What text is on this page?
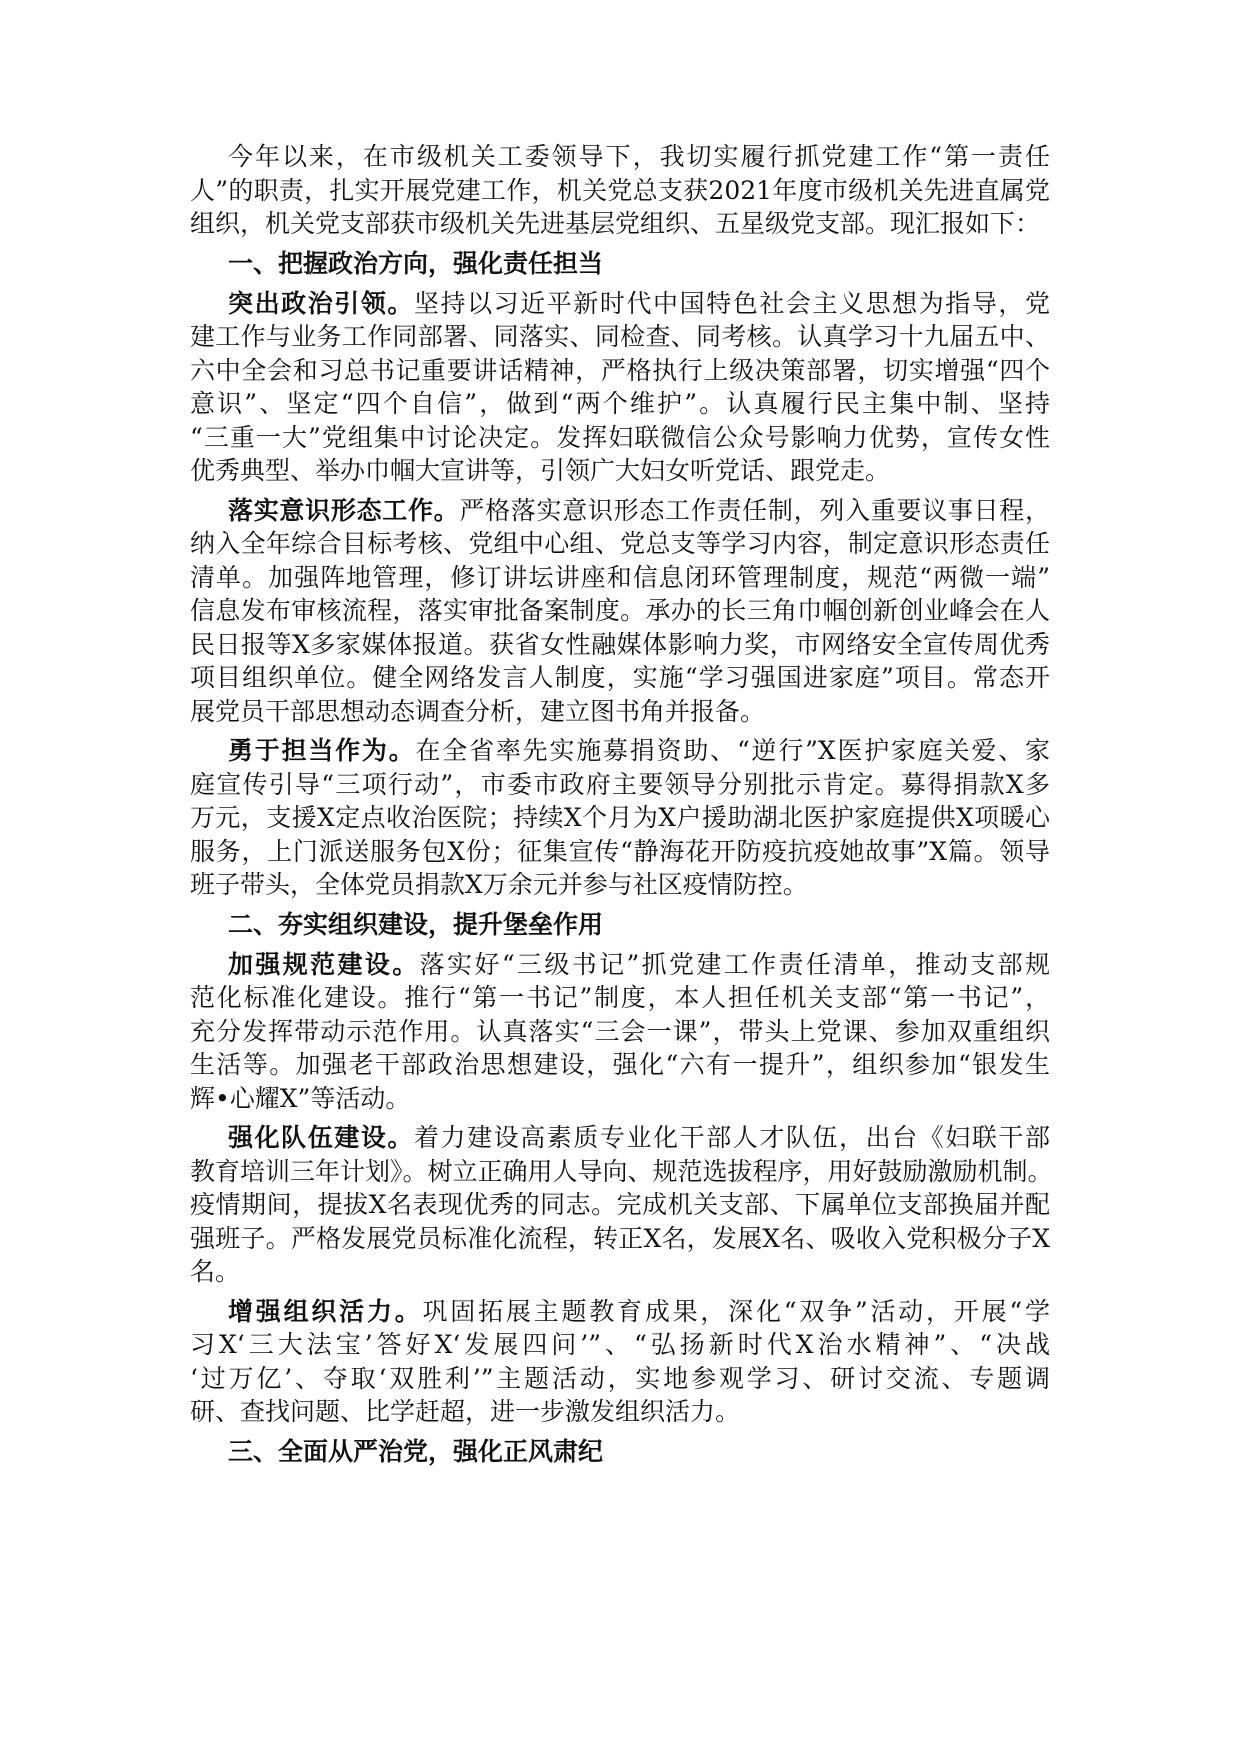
今年以来，在市级机关工委领导下，我切实履行抓党建工作“第一责任
人”的职责，扎实开展党建工作，机关党总支获2021年度市级机关先进直属党
组织，机关党支部获市级机关先进基层党组织、五星级党支部。现汇报如下：
一、把握政治方向，强化责任担当
突出政治引领。坚持以习近平新时代中国特色社会主义思想为指导，党
建工作与业务工作同部署、同落实、同检查、同考核。认真学习十九届五中、
六中全会和习总书记重要讲话精神，严格执行上级决策部署，切实增强“四个
意识”、坚定“四个自信”，做到“两个维护”。认真履行民主集中制、坚持
“三重一大”党组集中讨论决定。发挥妇联微信公众号影响力优势，宣传女性
优秀典型、举办巾帼大宣讲等，引领广大妇女听党话、跟党走。
落实意识形态工作。严格落实意识形态工作责任制，列入重要议事日程，
纳入全年综合目标考核、党组中心组、党总支等学习内容，制定意识形态责任
清单。加强阵地管理，修订讲坛讲座和信息闭环管理制度，规范“两微一端”
信息发布审核流程，落实审批备案制度。承办的长三角巾帼创新创业峰会在人
民日报等X多家媒体报道。获省女性融媒体影响力奖，市网络安全宣传周优秀
项目组织单位。健全网络发言人制度，实施“学习强国进家庭”项目。常态开
展党员干部思想动态调查分析，建立图书角并报备。
勇于担当作为。在全省率先实施募捐资助、“逆行”X医护家庭关爱、家
庭宣传引导“三项行动”，市委市政府主要领导分别批示肯定。募得捐款X多
万元，支援X定点收治医院；持续X个月为X户援助湖北医护家庭提供X项暖心
服务，上门派送服务包X份；征集宣传“静海花开防疫抗疫她故事”X篇。领导
班子带头，全体党员捐款X万余元并参与社区疫情防控。
二、夯实组织建设，提升堡垒作用
加强规范建设。落实好“三级书记”抓党建工作责任清单，推动支部规
范化标准化建设。推行“第一书记”制度，本人担任机关支部“第一书记”，
充分发挥带动示范作用。认真落实“三会一课”，带头上党课、参加双重组织
生活等。加强老干部政治思想建设，强化“六有一提升”，组织参加“银发生
辉•心耀X”等活动。
强化队伍建设。着力建设高素质专业化干部人才队伍，出台《妇联干部
教育培训三年计划》。树立正确用人导向、规范选拔程序，用好鼓励激励机制。
疫情期间，提拔X名表现优秀的同志。完成机关支部、下属单位支部换届并配
强班子。严格发展党员标准化流程，转正X名，发展X名、吸收入党积极分子X
名。
增强组织活力。巩固拓展主题教育成果，深化“双争”活动，开展“学
习X‘三大法宝’答好X‘发展四问’”、“弘扬新时代X治水精神”、“决战
‘过万亿’、夺取‘双胜利’”主题活动，实地参观学习、研讨交流、专题调
研、查找问题、比学赶超，进一步激发组织活力。
三、全面从严治党，强化正风肃纪
